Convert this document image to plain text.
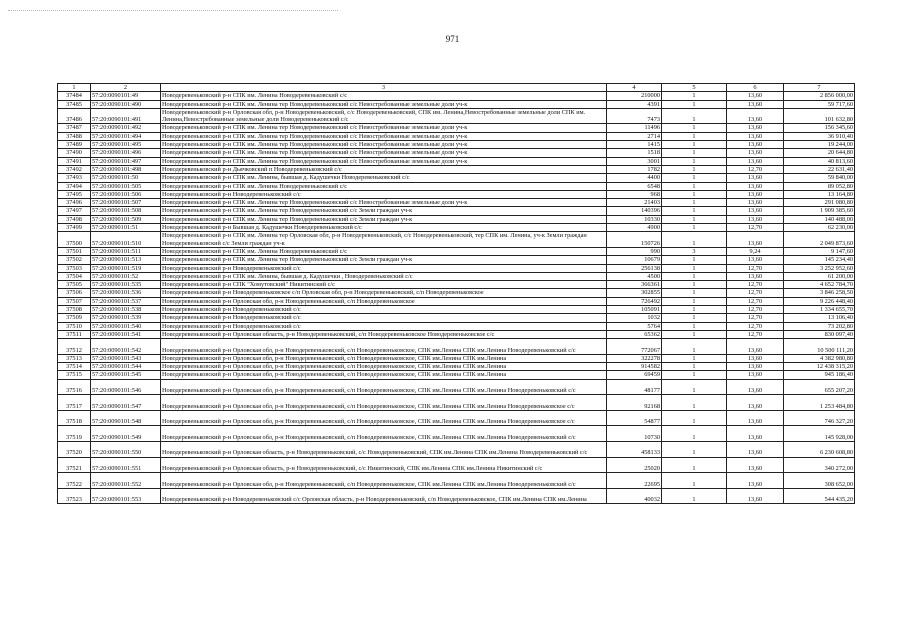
971
1	2	3	4	5	6	7
37484	57:20:0090101:49	Новодеревеньковский р-н СПК им. Ленина Новодеревеньковский с/с	210000	1	13,60	2 856 000,00
37485	57:20:0090101:490	Новодеревеньковский р-н СПК им. Ленина тер Новодеревеньковский с/с Невостребованные земельные доли уч-к	4391	1	13,60	59 717,60
37486	57:20:0090101:491	Новодеревеньковский р-н Орловская обл, р-н Новодеревеньковский, с/с Новодеревеньковский, СПК им. Ленина,Невостребованные земельные доли СПК им. Ленина,Невостребованные земельные доли Новодеревеньковский с/с	7473	1	13,60	101 632,80
37487	57:20:0090101:492	Новодеревеньковский р-н СПК им. Ленина тер Новодеревеньковский с/с Невостребованные земельные доли уч-к	11496	1	13,60	156 345,60
37488	57:20:0090101:494	Новодеревеньковский р-н СПК им. Ленина тер Новодеревеньковский с/с Невостребованные земельные доли уч-к	2714	1	13,60	36 910,40
37489	57:20:0090101:495	Новодеревеньковский р-н СПК им. Ленина тер Новодеревеньковский с/с Невостребованные земельные доли уч-к	1415	1	13,60	19 244,00
37490	57:20:0090101:496	Новодеревеньковский р-н СПК им. Ленина тер Новодеревеньковский с/с Невостребованные земельные доли уч-к	1518	1	13,60	20 644,80
37491	57:20:0090101:497	Новодеревеньковский р-н СПК им. Ленина тер Новодеревеньковский с/с Невостребованные земельные доли уч-к	3001	1	13,60	40 813,60
37492	57:20:0090101:498	Новодеревеньковский р-н Дьячковский п Новодеревеньковский с/с	1782	1	12,70	22 631,40
37493	57:20:0090101:50	Новодеревеньковский р-н СПК им. Ленина, бывшая д. Кадушечки Новодеревеньковский с/с	4400	1	13,60	59 840,00
37494	57:20:0090101:505	Новодеревеньковский р-н СПК им. Ленина Новодеревеньковский с/с	6548	1	13,60	89 052,80
37495	57:20:0090101:506	Новодеревеньковский р-н Новодеревеньковский с/с	968	1	13,60	13 164,80
37496	57:20:0090101:507	Новодеревеньковский р-н СПК им. Ленина тер Новодеревеньковский с/с Невостребованные земельные доли уч-к	21403	1	13,60	291 080,80
37497	57:20:0090101:508	Новодеревеньковский р-н СПК им. Ленина тер Новодеревеньковский с/с Земли граждан уч-к	140396	1	13,60	1 909 385,60
37498	57:20:0090101:509	Новодеревеньковский р-н СПК им. Ленина тер Новодеревеньковский с/с Земли граждан уч-к	10330	1	13,60	140 488,00
37499	57:20:0090101:51	Новодеревеньковский р-н Бывшая д. Кадушечки Новодеревеньковский с/с	4900	1	12,70	62 230,00
37500	57:20:0090101:510	Новодеревеньковский р-н СПК им. Ленина тер Орловская обл, р-н Новодеревеньковский, с/с Новодеревеньковский, тер СПК им. Ленина, уч-к Земли граждан Новодеревеньковский с/с Земли граждан уч-к	150726	1	13,60	2 049 873,60
37501	57:20:0090101:511	Новодеревеньковский р-н СПК им. Ленина Новодеревеньковский с/с	990	3	9,24	9 147,60
37502	57:20:0090101:513	Новодеревеньковский р-н СПК им. Ленина тер Новодеревеньковский с/с Земли граждан уч-к	10679	1	13,60	145 234,40
37503	57:20:0090101:519	Новодеревеньковский р-н Новодеревеньковский с/с	256138	1	12,70	3 252 952,60
37504	57:20:0090101:52	Новодеревеньковский р-н СПК им. Ленина, бывшая д. Кадушечки , Новодеревеньковский с/с	4500	1	13,60	61 200,00
37505	57:20:0090101:535	Новодеревеньковский р-н СПК "Хомутовский" Никитинский с/с	366361	1	12,70	4 652 784,70
37506	57:20:0090101:536	Новодеревеньковский р-н Новодеревеньковское с/п Орловская обл, р-н Новодеревеньковский, с/п Новодеревеньковское	302855	1	12,70	3 846 258,50
37507	57:20:0090101:537	Новодеревеньковский р-н Орловская обл, р-н Новодеревеньковский, с/п Новодеревеньковское	726492	1	12,70	9 226 448,40
37508	57:20:0090101:538	Новодеревеньковский р-н Новодеревеньковский с/с	105091	1	12,70	1 334 655,70
37509	57:20:0090101:539	Новодеревеньковский р-н Новодеревеньковский с/с	1032	1	12,70	13 106,40
37510	57:20:0090101:540	Новодеревеньковский р-н Новодеревеньковский с/с	5764	1	12,70	73 202,80
37511	57:20:0090101:541	Новодеревеньковский р-н Орловская область, р-н Новодеревеньковский, с/п Новодеревеньковское Новодеревеньковское с/с	65362	1	12,70	830 097,40
37512	57:20:0090101:542	Новодеревеньковский р-н Орловская обл, р-н Новодеревеньковский, с/п Новодеревеньковское, СПК им.Ленина СПК им.Ленина Новодеревеньковский с/с	772067	1	13,60	10 500 111,20
37513	57:20:0090101:543	Новодеревеньковский р-н Орловская обл, р-н Новодеревеньковский, с/п Новодеревеньковское, СПК им.Ленина СПК им.Ленина	322278	1	13,60	4 382 980,80
37514	57:20:0090101:544	Новодеревеньковский р-н Орловская обл, р-н Новодеревеньковский, с/п Новодеревеньковское, СПК им.Ленина СПК им.Ленина	914582	1	13,60	12 438 315,20
37515	57:20:0090101:545	Новодеревеньковский р-н Орловская обл, р-н Новодеревеньковский, с/п Новодеревеньковское, СПК им.Ленина СПК им.Ленина	69459	1	13,60	945 186,40
37516	57:20:0090101:546	Новодеревеньковский р-н Орловская обл, р-н Новодеревеньковский, с/п Новодеревеньковское, СПК им.Ленина СПК им.Ленина Новодеревеньковский с/с	48177	1	13,60	655 207,20
37517	57:20:0090101:547	Новодеревеньковский р-н Орловская обл, р-н Новодеревеньковский, с/п Новодеревеньковское, СПК им.Ленина СПК им.Ленина Новодеревеньковское с/с	92168	1	13,60	1 253 484,80
37518	57:20:0090101:548	Новодеревеньковский р-н Орловская обл, р-н Новодеревеньковский, с/п Новодеревеньковское, СПК им.Ленина СПК им.Ленина Новодеревеньковское с/с	54877	1	13,60	746 327,20
37519	57:20:0090101:549	Новодеревеньковский р-н Орловская обл, р-н Новодеревеньковский, с/п Новодеревеньковское, СПК им.Ленина СПК им.Ленина Новодеревеньковский с/с	10730	1	13,60	145 928,00
37520	57:20:0090101:550	Новодеревеньковский р-н Орловская область, р-н Новодеревеньковский, с/с Новодеревеньковский, СПК им.Ленина СПК им.Ленина Новодеревеньковский с/с	458133	1	13,60	6 230 608,80
37521	57:20:0090101:551	Новодеревеньковский р-н Орловская область, р-н Новодеревеньковский, с/с Никитинский, СПК им.Ленина СПК им.Ленина Никитинский с/с	25020	1	13,60	340 272,00
37522	57:20:0090101:552	Новодеревеньковский р-н Орловская обл, р-н Новодеревеньковский, с/п Новодеревеньковское, СПК им.Ленина СПК им.Ленина Новодеревеньковский с/с	22695	1	13,60	308 652,00
37523	57:20:0090101:553	Новодеревеньковский р-н Новодеревеньковский с/с Орловская область, р-н Новодеревеньковский, с/п Новодеревеньковское, СПК им.Ленина СПК им.Ленина	40032	1	13,60	544 435,20
